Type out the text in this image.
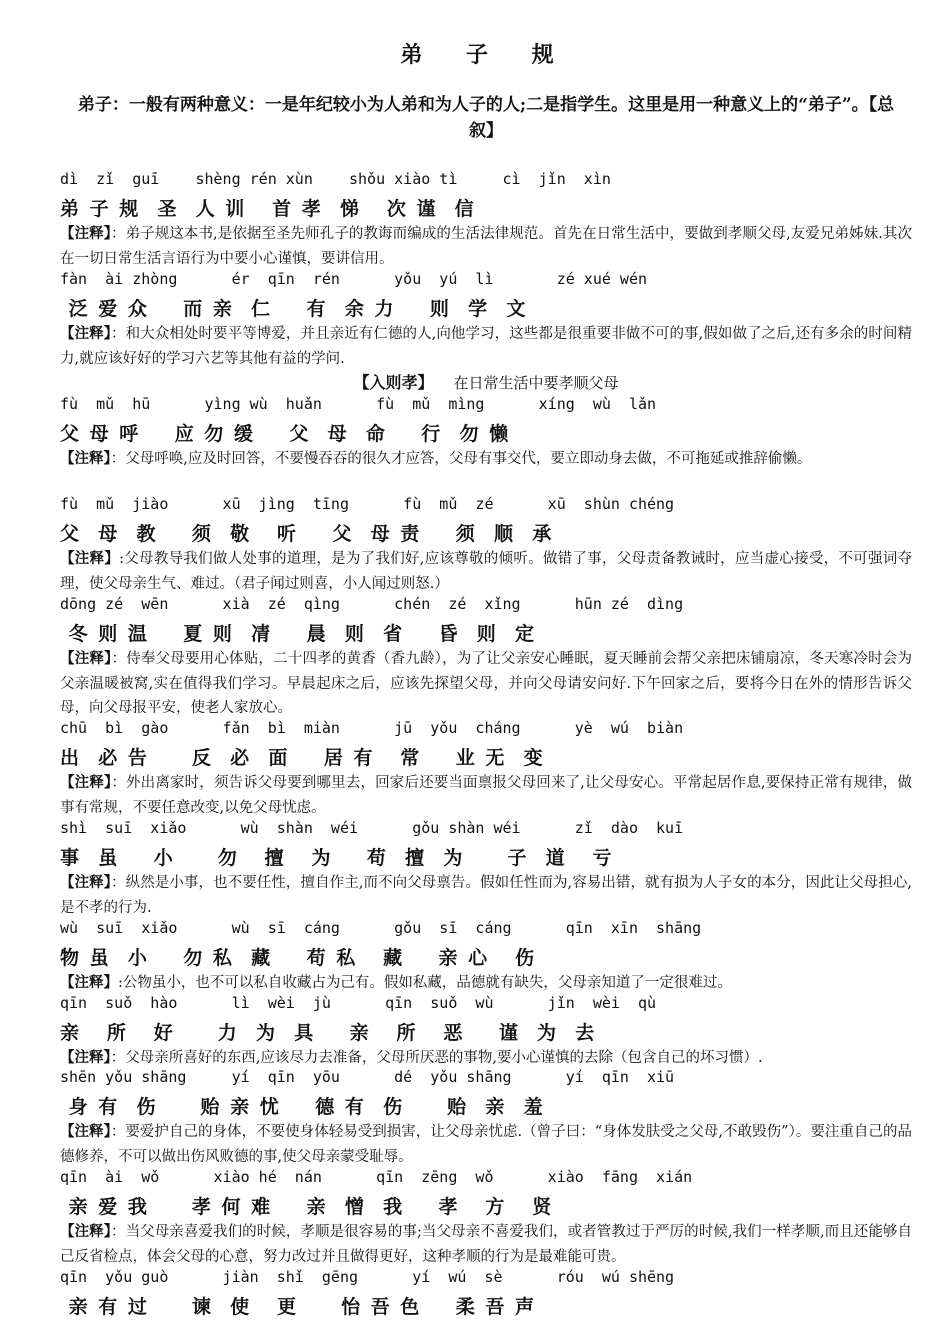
弟 子 规
弟子：一般有两种意义：一是年纪较小为人弟和为人子的人;二是指学生。这里是用一种意义上的“弟子”。【总　叙】
dì  zǐ  guī    shèng rén xùn    shǒu xiào tì     cì  jǐn  xìn
弟 子 规  圣  人 训   首 孝  悌   次 谨  信
【注释】：弟子规这本书,是依据至圣先师孔子的教诲而编成的生活法律规范。首先在日常生活中，要做到孝顺父母,友爱兄弟姊妹.其次在一切日常生活言语行为中要小心谨慎，要讲信用。
fàn  ài zhòng      ér  qīn  rén      yǒu  yú  lì       zé xué wén
泛 爱 众    而 亲  仁    有  余 力    则  学  文
【注释】：和大众相处时要平等博爱，并且亲近有仁德的人,向他学习，这些都是很重要非做不可的事,假如做了之后,还有多余的时间精力,就应该好好的学习六艺等其他有益的学问.
【入则孝】 在日常生活中要孝顺父母
fù  mǔ  hū      yìng wù  huǎn      fù  mǔ  mìng      xíng  wù  lǎn
父 母 呼    应 勿 缓    父  母  命    行  勿 懒
【注释】：父母呼唤,应及时回答，不要慢吞吞的很久才应答，父母有事交代，要立即动身去做，不可拖延或推辞偷懒。
fù  mǔ  jiào      xū  jìng  tīng      fù  mǔ  zé      xū  shùn chéng
父  母  教    须  敬   听    父  母 责    须  顺  承
【注释】:父母教导我们做人处事的道理，是为了我们好,应该尊敬的倾听。做错了事，父母责备教诫时，应当虚心接受，不可强词夺理，使父母亲生气、难过。（君子闻过则喜，小人闻过则怒.）
dōng zé  wēn      xià  zé  qìng      chén  zé  xǐng      hūn zé  dìng
冬 则 温    夏 则  凊    晨  则  省    昏  则  定
【注释】：侍奉父母要用心体贴，二十四孝的黄香（香九龄），为了让父亲安心睡眠，夏天睡前会帮父亲把床铺扇凉，冬天寒冷时会为父亲温暖被窝,实在值得我们学习。早晨起床之后，应该先探望父母，并向父母请安问好.下午回家之后，要将今日在外的情形告诉父母，向父母报平安，使老人家放心。
chū  bì  gào      fǎn  bì  miàn      jū  yǒu  cháng      yè  wú  biàn
出  必 告     反  必  面    居 有   常    业 无  变
【注释】：外出离家时，须告诉父母要到哪里去，回家后还要当面禀报父母回来了,让父母安心。平常起居作息,要保持正常有规律，做事有常规，不要任意改变,以免父母忧虑。
shì  suī  xiǎo      wù  shàn  wéi      gǒu shàn wéi      zǐ  dào  kuī
事  虽    小     勿   擅   为    苟  擅  为     子  道   亏
【注释】：纵然是小事，也不要任性，擅自作主,而不向父母禀告。假如任性而为,容易出错，就有损为人子女的本分，因此让父母担心,是不孝的行为.
wù  suī  xiǎo      wù  sī  cáng      gǒu  sī  cáng      qīn  xīn  shāng
物 虽  小    勿 私  藏    苟 私   藏    亲 心   伤
【注释】:公物虽小，也不可以私自收藏占为己有。假如私藏，品德就有缺失，父母亲知道了一定很难过。
qīn  suǒ  hào      lì  wèi  jù      qīn  suǒ  wù      jǐn  wèi  qù
亲   所   好     力  为  具    亲   所   恶    谨  为  去
【注释】：父母亲所喜好的东西,应该尽力去准备，父母所厌恶的事物,要小心谨慎的去除（包含自己的坏习惯）.
shēn yǒu shāng     yí  qīn  yōu      dé  yǒu shāng      yí  qīn  xiū
身 有  伤     贻 亲 忧    德 有  伤     贻  亲  羞
【注释】：要爱护自己的身体，不要使身体轻易受到损害，让父母亲忧虑.（曾子曰：“身体发肤受之父母,不敢毁伤”）。要注重自己的品德修养，不可以做出伤风败德的事,使父母亲蒙受耻辱。
qīn  ài  wǒ      xiào hé  nán      qīn  zēng  wǒ      xiào  fāng  xián
亲 爱 我     孝 何 难    亲  憎  我    孝   方   贤
【注释】：当父母亲喜爱我们的时候，孝顺是很容易的事;当父母亲不喜爱我们，或者管教过于严厉的时候,我们一样孝顺,而且还能够自己反省检点，体会父母的心意，努力改过并且做得更好，这种孝顺的行为是最难能可贵。
qīn  yǒu guò      jiàn  shǐ  gēng      yí  wú  sè      róu  wú shēng
亲 有 过     谏  使   更     怡 吾 色    柔 吾 声
